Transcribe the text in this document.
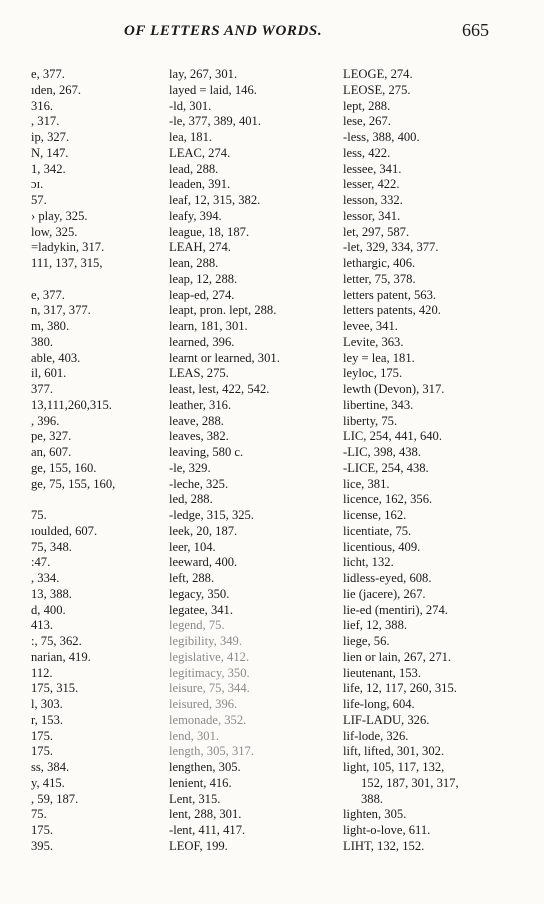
OF LETTERS AND WORDS.	665
e, 377.
ıden, 267.
316.
, 317.
ip, 327.
N, 147.
1, 342.
ɔɪ.
57.
› play, 325.
low, 325.
=ladykin, 317.
111, 137, 315,
e, 377.
n, 317, 377.
m, 380.
380.
able, 403.
il, 601.
377.
13,111,260,315.
, 396.
pe, 327.
an, 607.
ge, 155, 160.
ge, 75, 155, 160,
75.
ıoulded, 607.
75, 348.
:47.
, 334.
13, 388.
d, 400.
413.
:, 75, 362.
narian, 419.
112.
175, 315.
l, 303.
r, 153.
175.
175.
ss, 384.
y, 415.
, 59, 187.
75.
175.
395.
lay, 267, 301.
layed = laid, 146.
-ld, 301.
-le, 377, 389, 401.
lea, 181.
LEAC, 274.
lead, 288.
leaden, 391.
leaf, 12, 315, 382.
leafy, 394.
league, 18, 187.
LEAH, 274.
lean, 288.
leap, 12, 288.
leap-ed, 274.
leapt, pron. lept, 288.
learn, 181, 301.
learned, 396.
learnt or learned, 301.
LEAS, 275.
least, lest, 422, 542.
leather, 316.
leave, 288.
leaves, 382.
leaving, 580 c.
-le, 329.
-leche, 325.
led, 288.
-ledge, 315, 325.
leek, 20, 187.
leer, 104.
leeward, 400.
left, 288.
legacy, 350.
legatee, 341.
legend, 75.
legibility, 349.
legislative, 412.
legitimacy, 350.
leisure, 75, 344.
leisured, 396.
lemonade, 352.
lend, 301.
length, 305, 317.
lengthen, 305.
lenient, 416.
Lent, 315.
lent, 288, 301.
-lent, 411, 417.
LEOF, 199.
LEOGE, 274.
LEOSE, 275.
lept, 288.
lese, 267.
-less, 388, 400.
less, 422.
lessee, 341.
lesser, 422.
lesson, 332.
lessor, 341.
let, 297, 587.
-let, 329, 334, 377.
lethargic, 406.
letter, 75, 378.
letters patent, 563.
letters patents, 420.
levee, 341.
Levite, 363.
ley = lea, 181.
leyloc, 175.
lewth (Devon), 317.
libertine, 343.
liberty, 75.
LIC, 254, 441, 640.
-LIC, 398, 438.
-LICE, 254, 438.
lice, 381.
licence, 162, 356.
license, 162.
licentiate, 75.
licentious, 409.
licht, 132.
lidless-eyed, 608.
lie (jacere), 267.
lie-ed (mentiri), 274.
lief, 12, 388.
liege, 56.
lien or lain, 267, 271.
lieutenant, 153.
life, 12, 117, 260, 315.
life-long, 604.
LIF-LADU, 326.
lif-lode, 326.
lift, lifted, 301, 302.
light, 105, 117, 132,
152, 187, 301, 317,
388.
lighten, 305.
light-o-love, 611.
LIHT, 132, 152.
